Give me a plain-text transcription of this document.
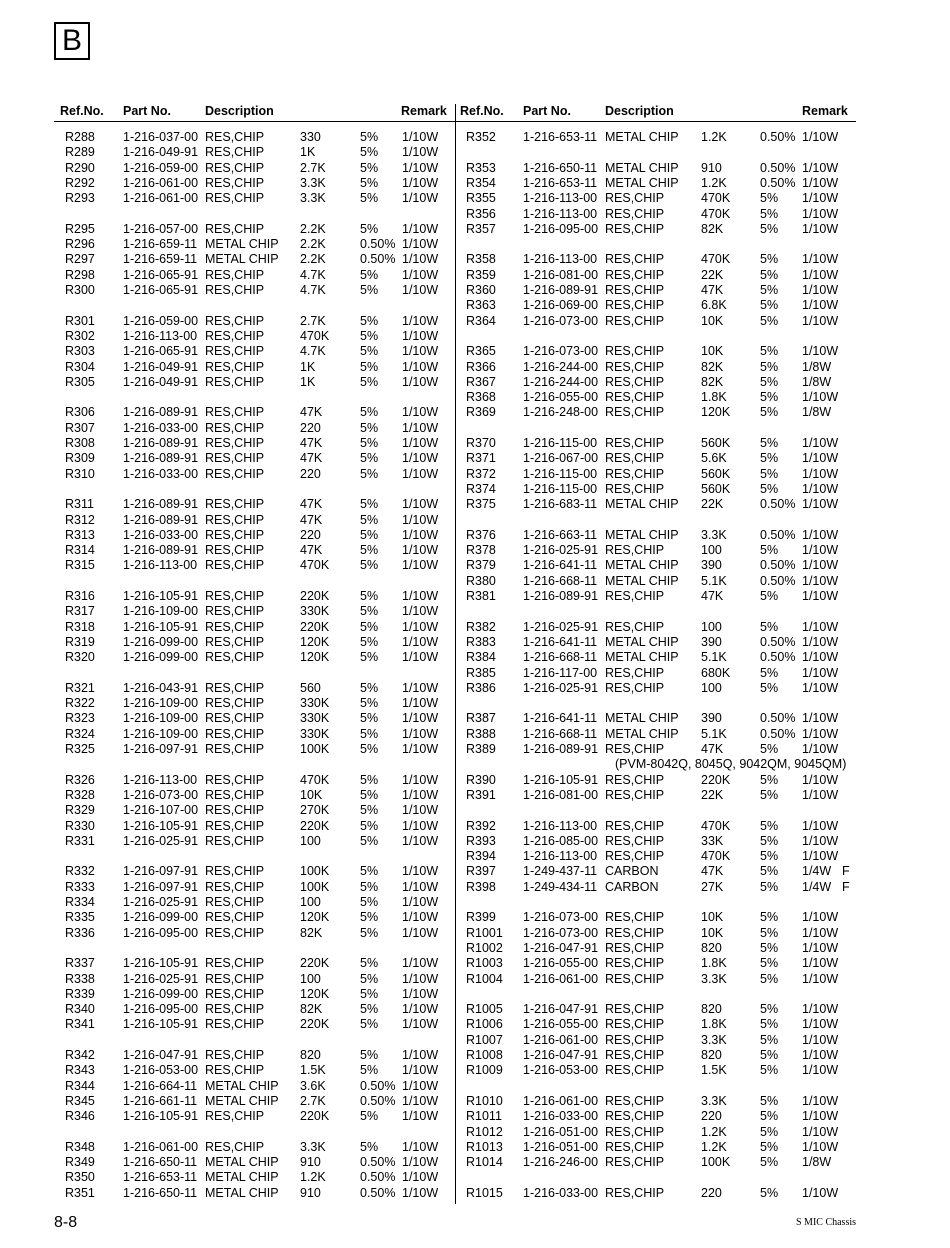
B
Ref.No. Part No.	Description	Remark Ref.No. Part No.	Description	Remark
R288 1-216-037-00 RES,CHIP	330	5% 1/10W
R289 1-216-049-91 RES,CHIP	1K	5% 1/10W
R290 1-216-059-00 RES,CHIP	2.7K	5% 1/10W
R292 1-216-061-00 RES,CHIP	3.3K	5% 1/10W
R293 1-216-061-00 RES,CHIP	3.3K	5% 1/10W
R295 1-216-057-00 RES,CHIP	2.2K	5% 1/10W
R296 1-216-659-11 METAL CHIP 2.2K	0.50% 1/10W
R297 1-216-659-11 METAL CHIP 2.2K	0.50% 1/10W
R298 1-216-065-91 RES,CHIP	4.7K	5% 1/10W
R300 1-216-065-91 RES,CHIP	4.7K	5% 1/10W
R301 1-216-059-00 RES,CHIP	2.7K	5% 1/10W
R302 1-216-113-00 RES,CHIP	470K 5% 1/10W
R303 1-216-065-91 RES,CHIP	4.7K	5% 1/10W
R304 1-216-049-91 RES,CHIP	1K	5% 1/10W
R305 1-216-049-91 RES,CHIP	1K	5% 1/10W
R306 1-216-089-91 RES,CHIP	47K	5% 1/10W
R307 1-216-033-00 RES,CHIP	220	5% 1/10W
R308 1-216-089-91 RES,CHIP	47K	5% 1/10W
R309 1-216-089-91 RES,CHIP	47K	5% 1/10W
R310 1-216-033-00 RES,CHIP	220	5% 1/10W
R311 1-216-089-91 RES,CHIP	47K	5% 1/10W
R312 1-216-089-91 RES,CHIP	47K	5% 1/10W
R313 1-216-033-00 RES,CHIP	220	5% 1/10W
R314 1-216-089-91 RES,CHIP	47K	5% 1/10W
R315 1-216-113-00 RES,CHIP	470K 5% 1/10W
R316 1-216-105-91 RES,CHIP	220K 5% 1/10W
R317 1-216-109-00 RES,CHIP	330K 5% 1/10W
R318 1-216-105-91 RES,CHIP	220K 5% 1/10W
R319 1-216-099-00 RES,CHIP	120K 5% 1/10W
R320 1-216-099-00 RES,CHIP	120K 5% 1/10W
R321 1-216-043-91 RES,CHIP	560	5% 1/10W
R322 1-216-109-00 RES,CHIP	330K 5% 1/10W
R323 1-216-109-00 RES,CHIP	330K 5% 1/10W
R324 1-216-109-00 RES,CHIP	330K 5% 1/10W
R325 1-216-097-91 RES,CHIP	100K 5% 1/10W
R326 1-216-113-00 RES,CHIP	470K 5% 1/10W
R328 1-216-073-00 RES,CHIP	10K	5% 1/10W
R329 1-216-107-00 RES,CHIP	270K 5% 1/10W
R330 1-216-105-91 RES,CHIP	220K 5% 1/10W
R331 1-216-025-91 RES,CHIP	100	5% 1/10W
R332 1-216-097-91 RES,CHIP	100K 5% 1/10W
R333 1-216-097-91 RES,CHIP	100K 5% 1/10W
R334 1-216-025-91 RES,CHIP	100	5% 1/10W
R335 1-216-099-00 RES,CHIP	120K 5% 1/10W
R336 1-216-095-00 RES,CHIP	82K	5% 1/10W
R337 1-216-105-91 RES,CHIP	220K 5% 1/10W
R338 1-216-025-91 RES,CHIP	100	5% 1/10W
R339 1-216-099-00 RES,CHIP	120K 5% 1/10W
R340 1-216-095-00 RES,CHIP	82K	5% 1/10W
R341 1-216-105-91 RES,CHIP	220K 5% 1/10W
R342 1-216-047-91 RES,CHIP	820	5% 1/10W
R343 1-216-053-00 RES,CHIP	1.5K	5% 1/10W
R344 1-216-664-11 METAL CHIP 3.6K	0.50% 1/10W
R345 1-216-661-11 METAL CHIP 2.7K	0.50% 1/10W
R346 1-216-105-91 RES,CHIP	220K 5% 1/10W
R348 1-216-061-00 RES,CHIP	3.3K	5% 1/10W
R349 1-216-650-11 METAL CHIP 910	0.50% 1/10W
R350 1-216-653-11 METAL CHIP 1.2K	0.50% 1/10W
R351 1-216-650-11 METAL CHIP 910	0.50% 1/10W
R352 1-216-653-11 METAL CHIP 1.2K	0.50% 1/10W
R353 1-216-650-11 METAL CHIP 910	0.50% 1/10W
R354 1-216-653-11 METAL CHIP 1.2K	0.50% 1/10W
R355 1-216-113-00 RES,CHIP	470K 5% 1/10W
R356 1-216-113-00 RES,CHIP	470K 5% 1/10W
R357 1-216-095-00 RES,CHIP	82K	5% 1/10W
R358 1-216-113-00 RES,CHIP	470K 5% 1/10W
R359 1-216-081-00 RES,CHIP	22K	5% 1/10W
R360 1-216-089-91 RES,CHIP	47K	5% 1/10W
R363 1-216-069-00 RES,CHIP	6.8K	5% 1/10W
R364 1-216-073-00 RES,CHIP	10K	5% 1/10W
R365 1-216-073-00 RES,CHIP	10K	5% 1/10W
R366 1-216-244-00 RES,CHIP	82K	5% 1/8W
R367 1-216-244-00 RES,CHIP	82K	5% 1/8W
R368 1-216-055-00 RES,CHIP	1.8K	5% 1/10W
R369 1-216-248-00 RES,CHIP	120K 5% 1/8W
R370 1-216-115-00 RES,CHIP	560K 5% 1/10W
R371 1-216-067-00 RES,CHIP	5.6K	5% 1/10W
R372 1-216-115-00 RES,CHIP	560K 5% 1/10W
R374 1-216-115-00 RES,CHIP	560K 5% 1/10W
R375 1-216-683-11 METAL CHIP 22K	0.50% 1/10W
R376 1-216-663-11 METAL CHIP 3.3K	0.50% 1/10W
R378 1-216-025-91 RES,CHIP	100	5% 1/10W
R379 1-216-641-11 METAL CHIP 390	0.50% 1/10W
R380 1-216-668-11 METAL CHIP 5.1K	0.50% 1/10W
R381 1-216-089-91 RES,CHIP	47K	5% 1/10W
R382 1-216-025-91 RES,CHIP	100	5% 1/10W
R383 1-216-641-11 METAL CHIP 390	0.50% 1/10W
R384 1-216-668-11 METAL CHIP 5.1K	0.50% 1/10W
R385 1-216-117-00 RES,CHIP	680K 5% 1/10W
R386 1-216-025-91 RES,CHIP	100	5% 1/10W
R387 1-216-641-11 METAL CHIP 390	0.50% 1/10W
R388 1-216-668-11 METAL CHIP 5.1K	0.50% 1/10W
R389 1-216-089-91 RES,CHIP	47K	5% 1/10W
(PVM-8042Q, 8045Q, 9042QM, 9045QM)
R390 1-216-105-91 RES,CHIP	220K 5% 1/10W
R391 1-216-081-00 RES,CHIP	22K	5% 1/10W
R392 1-216-113-00 RES,CHIP	470K 5% 1/10W
R393 1-216-085-00 RES,CHIP	33K	5% 1/10W
R394 1-216-113-00 RES,CHIP	470K 5% 1/10W
R397 1-249-437-11 CARBON	47K	5% 1/4W F
R398 1-249-434-11 CARBON	27K	5% 1/4W F
R399 1-216-073-00 RES,CHIP	10K	5% 1/10W
R1001 1-216-073-00 RES,CHIP	10K	5% 1/10W
R1002 1-216-047-91 RES,CHIP	820	5% 1/10W
R1003 1-216-055-00 RES,CHIP	1.8K	5% 1/10W
R1004 1-216-061-00 RES,CHIP	3.3K	5% 1/10W
R1005 1-216-047-91 RES,CHIP	820	5% 1/10W
R1006 1-216-055-00 RES,CHIP	1.8K	5% 1/10W
R1007 1-216-061-00 RES,CHIP	3.3K	5% 1/10W
R1008 1-216-047-91 RES,CHIP	820	5% 1/10W
R1009 1-216-053-00 RES,CHIP	1.5K	5% 1/10W
R1010 1-216-061-00 RES,CHIP	3.3K	5% 1/10W
R1011 1-216-033-00 RES,CHIP	220	5% 1/10W
R1012 1-216-051-00 RES,CHIP	1.2K	5% 1/10W
R1013 1-216-051-00 RES,CHIP	1.2K	5% 1/10W
R1014 1-216-246-00 RES,CHIP	100K 5% 1/8W
R1015 1-216-033-00 RES,CHIP	220	5% 1/10W
8-8	S MIC Chassis
